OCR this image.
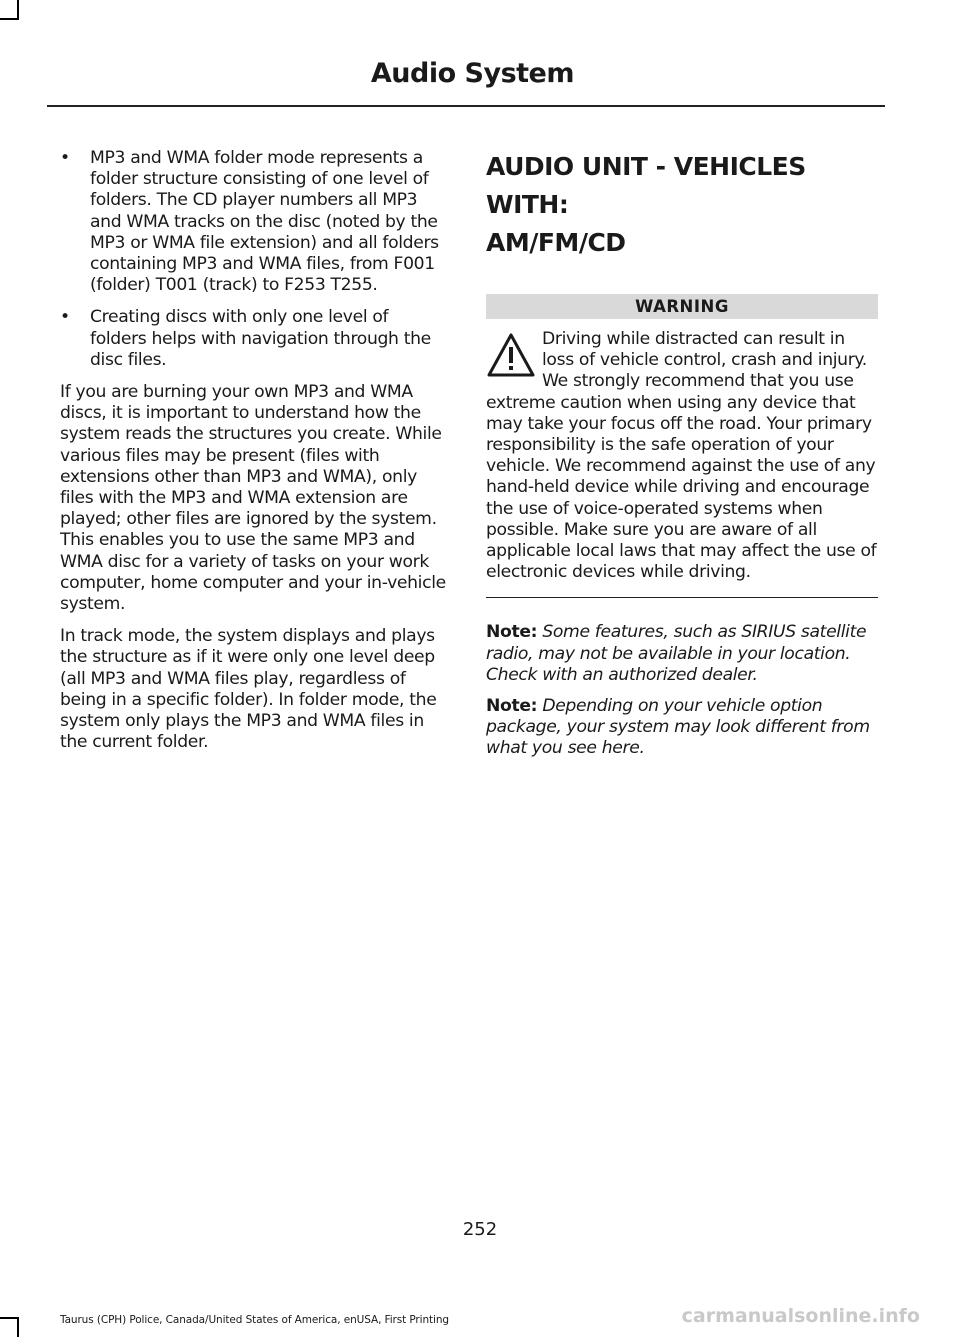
Audio System
• MP3 and WMA folder mode represents a folder structure consisting of one level of folders. The CD player numbers all MP3 and WMA tracks on the disc (noted by the MP3 or WMA file extension) and all folders containing MP3 and WMA files, from F001 (folder) T001 (track) to F253 T255.
• Creating discs with only one level of folders helps with navigation through the disc files.

If you are burning your own MP3 and WMA discs, it is important to understand how the system reads the structures you create. While various files may be present (files with extensions other than MP3 and WMA), only files with the MP3 and WMA extension are played; other files are ignored by the system. This enables you to use the same MP3 and WMA disc for a variety of tasks on your work computer, home computer and your in-vehicle system.

In track mode, the system displays and plays the structure as if it were only one level deep (all MP3 and WMA files play, regardless of being in a specific folder). In folder mode, the system only plays the MP3 and WMA files in the current folder.

AUDIO UNIT - VEHICLES WITH:
AM/FM/CD
WARNING

Driving while distracted can result in loss of vehicle control, crash and injury. We strongly recommend that you use extreme caution when using any device that may take your focus off the road. Your primary responsibility is the safe operation of your vehicle. We recommend against the use of any hand-held device while driving and encourage the use of voice-operated systems when possible. Make sure you are aware of all applicable local laws that may affect the use of electronic devices while driving.

Note: Some features, such as SIRIUS satellite radio, may not be available in your location. Check with an authorized dealer.

Note: Depending on your vehicle option package, your system may look different from what you see here.

252
Taurus (CPH) Police, Canada/United States of America, enUSA, First Printing	carmanualsonline.info
